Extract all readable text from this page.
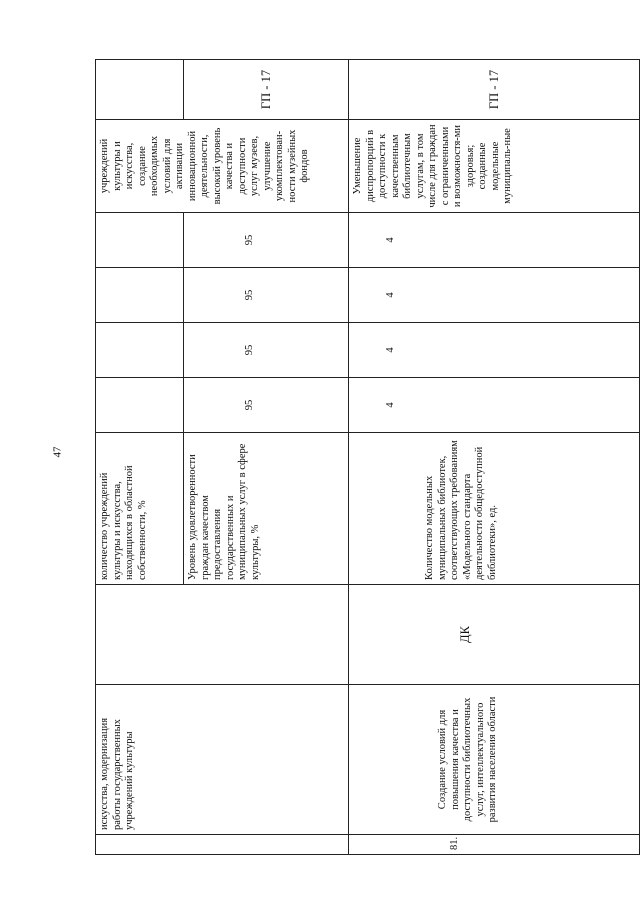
47
	искусства, модернизация работы государственных учреждений культуры		количество учреждений культуры и искусства, находящихся в областной собственности, %					учреждений культуры и искусства, создание необходимых условий для активации инновационной деятельности, высокий уровень качества и доступности услуг музеев, улучшение укомплектован-ности музейных фондов	
			Уровень удовлетворенности граждан качеством предоставления государственных и муниципальных услуг в сфере культуры, %	95	95	95	95		ГП - 17
81.	Создание условий для повышения качества и доступности библиотечных услуг, интеллектуального развития населения области	ДК	Количество модельных муниципальных библиотек, соответствующих требованиям «Модельного стандарта деятельности общедоступной библиотеки», ед.	4	4	4	4	Уменьшение диспропорций в доступности к качественным библиотечным услугам, в том числе для граждан с ограниченными и возможностя-ми здоровья; созданные модельные муниципаль-ные	ГП - 17
